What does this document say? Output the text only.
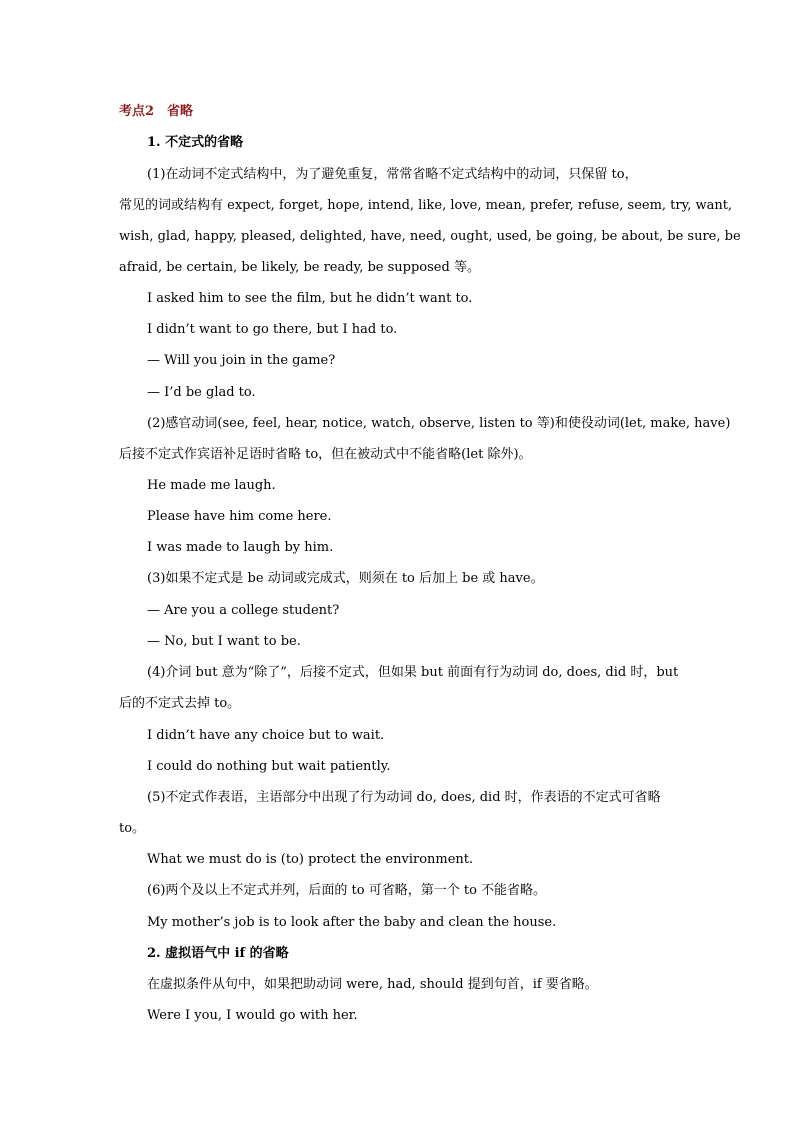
考点2　省略
1. 不定式的省略
(1)在动词不定式结构中，为了避免重复，常常省略不定式结构中的动词，只保留 to，
常见的词或结构有 expect, forget, hope, intend, like, love, mean, prefer, refuse, seem, try, want,
wish, glad, happy, pleased, delighted, have, need, ought, used, be going, be about, be sure, be
afraid, be certain, be likely, be ready, be supposed 等。
I asked him to see the film, but he didn’t want to.
I didn’t want to go there, but I had to.
— Will you join in the game?
— I’d be glad to.
(2)感官动词(see, feel, hear, notice, watch, observe, listen to 等)和使役动词(let, make, have)
后接不定式作宾语补足语时省略 to，但在被动式中不能省略(let 除外)。
He made me laugh.
Please have him come here.
I was made to laugh by him.
(3)如果不定式是 be 动词或完成式，则须在 to 后加上 be 或 have。
— Are you a college student?
— No, but I want to be.
(4)介词 but 意为“除了”，后接不定式，但如果 but 前面有行为动词 do, does, did 时，but
后的不定式去掉 to。
I didn’t have any choice but to wait.
I could do nothing but wait patiently.
(5)不定式作表语，主语部分中出现了行为动词 do, does, did 时，作表语的不定式可省略
to。
What we must do is (to) protect the environment.
(6)两个及以上不定式并列，后面的 to 可省略，第一个 to 不能省略。
My mother’s job is to look after the baby and clean the house.
2. 虚拟语气中 if 的省略
在虚拟条件从句中，如果把助动词 were, had, should 提到句首，if 要省略。
Were I you, I would go with her.
